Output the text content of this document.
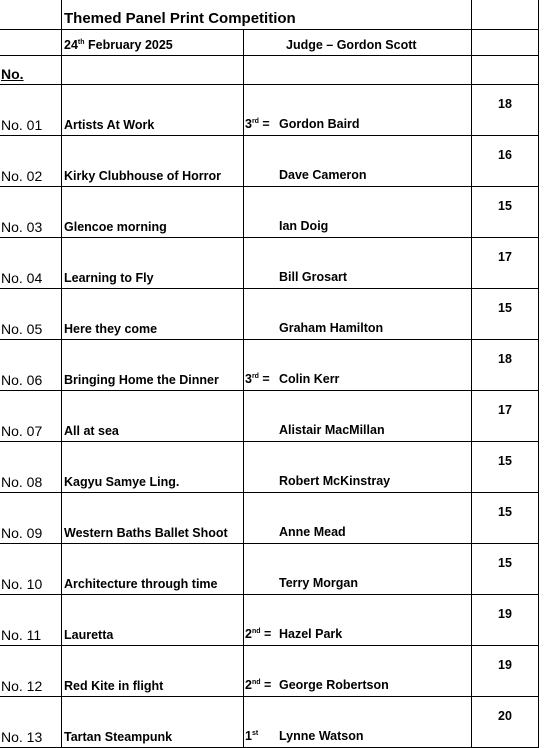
	Themed Panel Print Competition		
	24th February 2025	Judge – Gordon Scott	
No.			
No. 01	Artists At Work	3rd = Gordon Baird	18
No. 02	Kirky Clubhouse of Horror	Dave Cameron	16
No. 03	Glencoe morning	Ian Doig	15
No. 04	Learning to Fly	Bill Grosart	17
No. 05	Here they come	Graham Hamilton	15
No. 06	Bringing Home the Dinner	3rd = Colin Kerr	18
No. 07	All at sea	Alistair MacMillan	17
No. 08	Kagyu Samye Ling.	Robert McKinstray	15
No. 09	Western Baths Ballet Shoot	Anne Mead	15
No. 10	Architecture through time	Terry Morgan	15
No. 11	Lauretta	2nd = Hazel Park	19
No. 12	Red Kite in flight	2nd = George Robertson	19
No. 13	Tartan Steampunk	1st Lynne Watson	20
